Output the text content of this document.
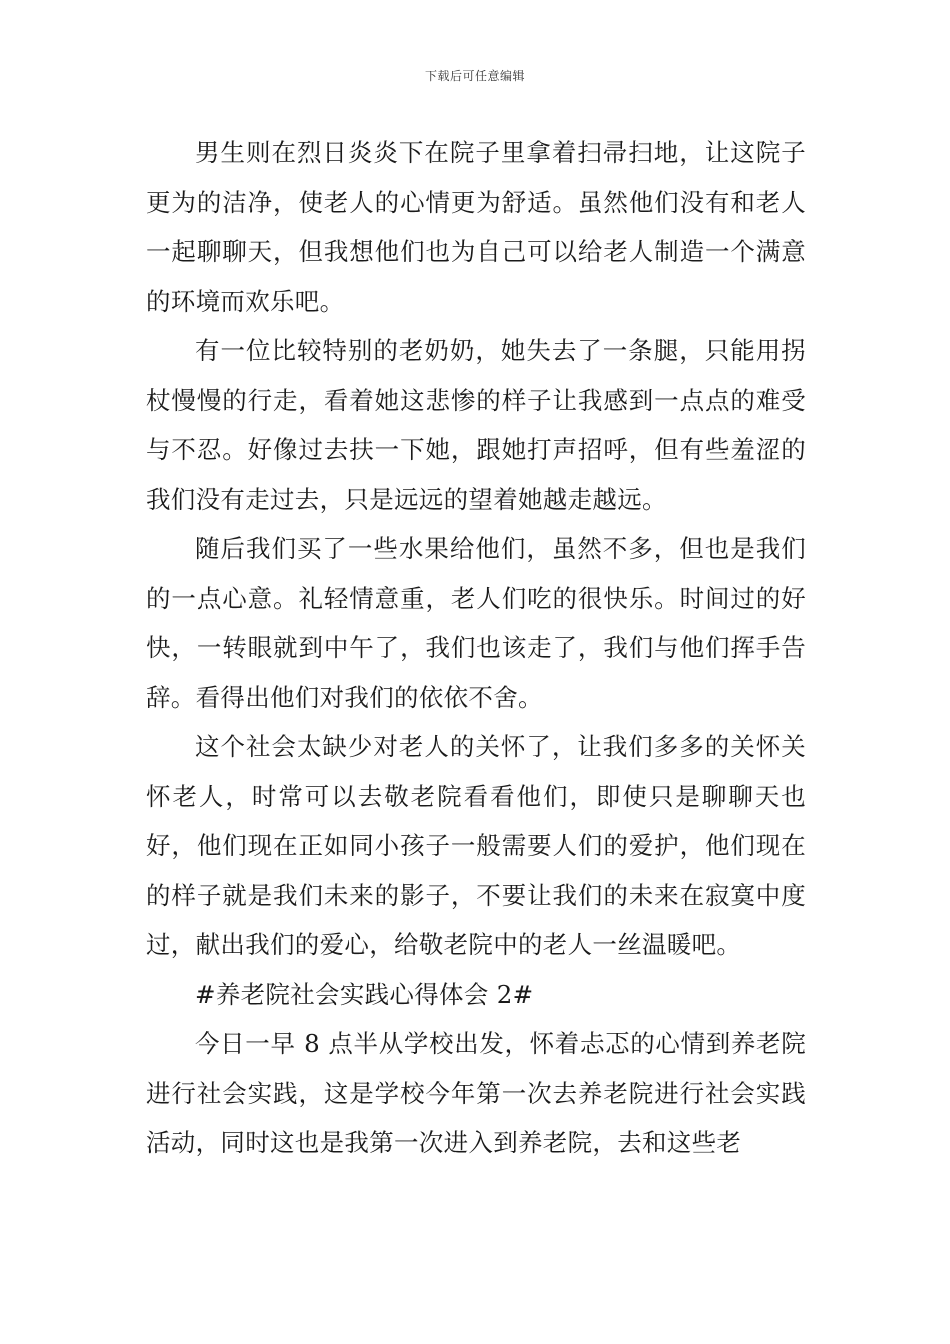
下载后可任意编辑

男生则在烈日炎炎下在院子里拿着扫帚扫地，让这院子更为的洁净，使老人的心情更为舒适。虽然他们没有和老人一起聊聊天，但我想他们也为自己可以给老人制造一个满意的环境而欢乐吧。

有一位比较特别的老奶奶，她失去了一条腿，只能用拐杖慢慢的行走，看着她这悲惨的样子让我感到一点点的难受与不忍。好像过去扶一下她，跟她打声招呼，但有些羞涩的我们没有走过去，只是远远的望着她越走越远。

随后我们买了一些水果给他们，虽然不多，但也是我们的一点心意。礼轻情意重，老人们吃的很快乐。时间过的好快，一转眼就到中午了，我们也该走了，我们与他们挥手告辞。看得出他们对我们的依依不舍。

这个社会太缺少对老人的关怀了，让我们多多的关怀关怀老人，时常可以去敬老院看看他们，即使只是聊聊天也好，他们现在正如同小孩子一般需要人们的爱护，他们现在的样子就是我们未来的影子，不要让我们的未来在寂寞中度过，献出我们的爱心，给敬老院中的老人一丝温暖吧。

#养老院社会实践心得体会 2#

今日一早 8 点半从学校出发，怀着忐忑的心情到养老院进行社会实践，这是学校今年第一次去养老院进行社会实践活动，同时这也是我第一次进入到养老院，去和这些老
